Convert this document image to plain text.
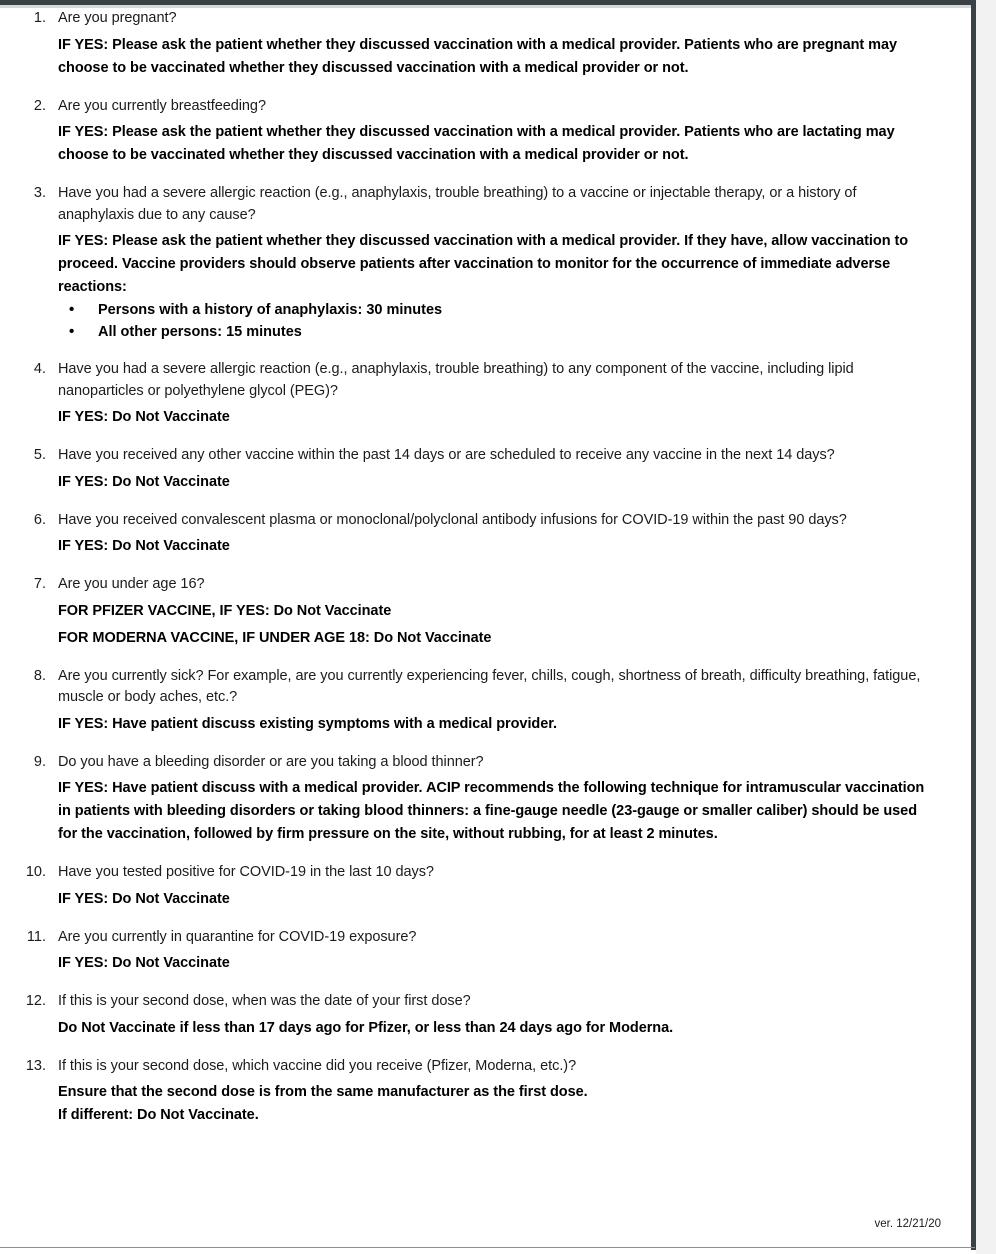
1. Are you pregnant?

IF YES: Please ask the patient whether they discussed vaccination with a medical provider. Patients who are pregnant may choose to be vaccinated whether they discussed vaccination with a medical provider or not.

2. Are you currently breastfeeding?

IF YES: Please ask the patient whether they discussed vaccination with a medical provider. Patients who are lactating may choose to be vaccinated whether they discussed vaccination with a medical provider or not.

3. Have you had a severe allergic reaction (e.g., anaphylaxis, trouble breathing) to a vaccine or injectable therapy, or a history of anaphylaxis due to any cause?

IF YES: Please ask the patient whether they discussed vaccination with a medical provider. If they have, allow vaccination to proceed. Vaccine providers should observe patients after vaccination to monitor for the occurrence of immediate adverse reactions:

• Persons with a history of anaphylaxis: 30 minutes
• All other persons: 15 minutes
4. Have you had a severe allergic reaction (e.g., anaphylaxis, trouble breathing) to any component of the vaccine, including lipid nanoparticles or polyethylene glycol (PEG)?

IF YES: Do Not Vaccinate

5. Have you received any other vaccine within the past 14 days or are scheduled to receive any vaccine in the next 14 days?

IF YES: Do Not Vaccinate

6. Have you received convalescent plasma or monoclonal/polyclonal antibody infusions for COVID-19 within the past 90 days?

IF YES: Do Not Vaccinate

7. Are you under age 16?

FOR PFIZER VACCINE, IF YES: Do Not Vaccinate

FOR MODERNA VACCINE, IF UNDER AGE 18: Do Not Vaccinate

8. Are you currently sick? For example, are you currently experiencing fever, chills, cough, shortness of breath, difficulty breathing, fatigue, muscle or body aches, etc.?

IF YES: Have patient discuss existing symptoms with a medical provider.

9. Do you have a bleeding disorder or are you taking a blood thinner?

IF YES: Have patient discuss with a medical provider. ACIP recommends the following technique for intramuscular vaccination in patients with bleeding disorders or taking blood thinners: a fine-gauge needle (23-gauge or smaller caliber) should be used for the vaccination, followed by firm pressure on the site, without rubbing, for at least 2 minutes.

10. Have you tested positive for COVID-19 in the last 10 days?

IF YES: Do Not Vaccinate

11. Are you currently in quarantine for COVID-19 exposure?

IF YES: Do Not Vaccinate

12. If this is your second dose, when was the date of your first dose?

Do Not Vaccinate if less than 17 days ago for Pfizer, or less than 24 days ago for Moderna.

13. If this is your second dose, which vaccine did you receive (Pfizer, Moderna, etc.)?

Ensure that the second dose is from the same manufacturer as the first dose.

If different: Do Not Vaccinate.

ver. 12/21/20
